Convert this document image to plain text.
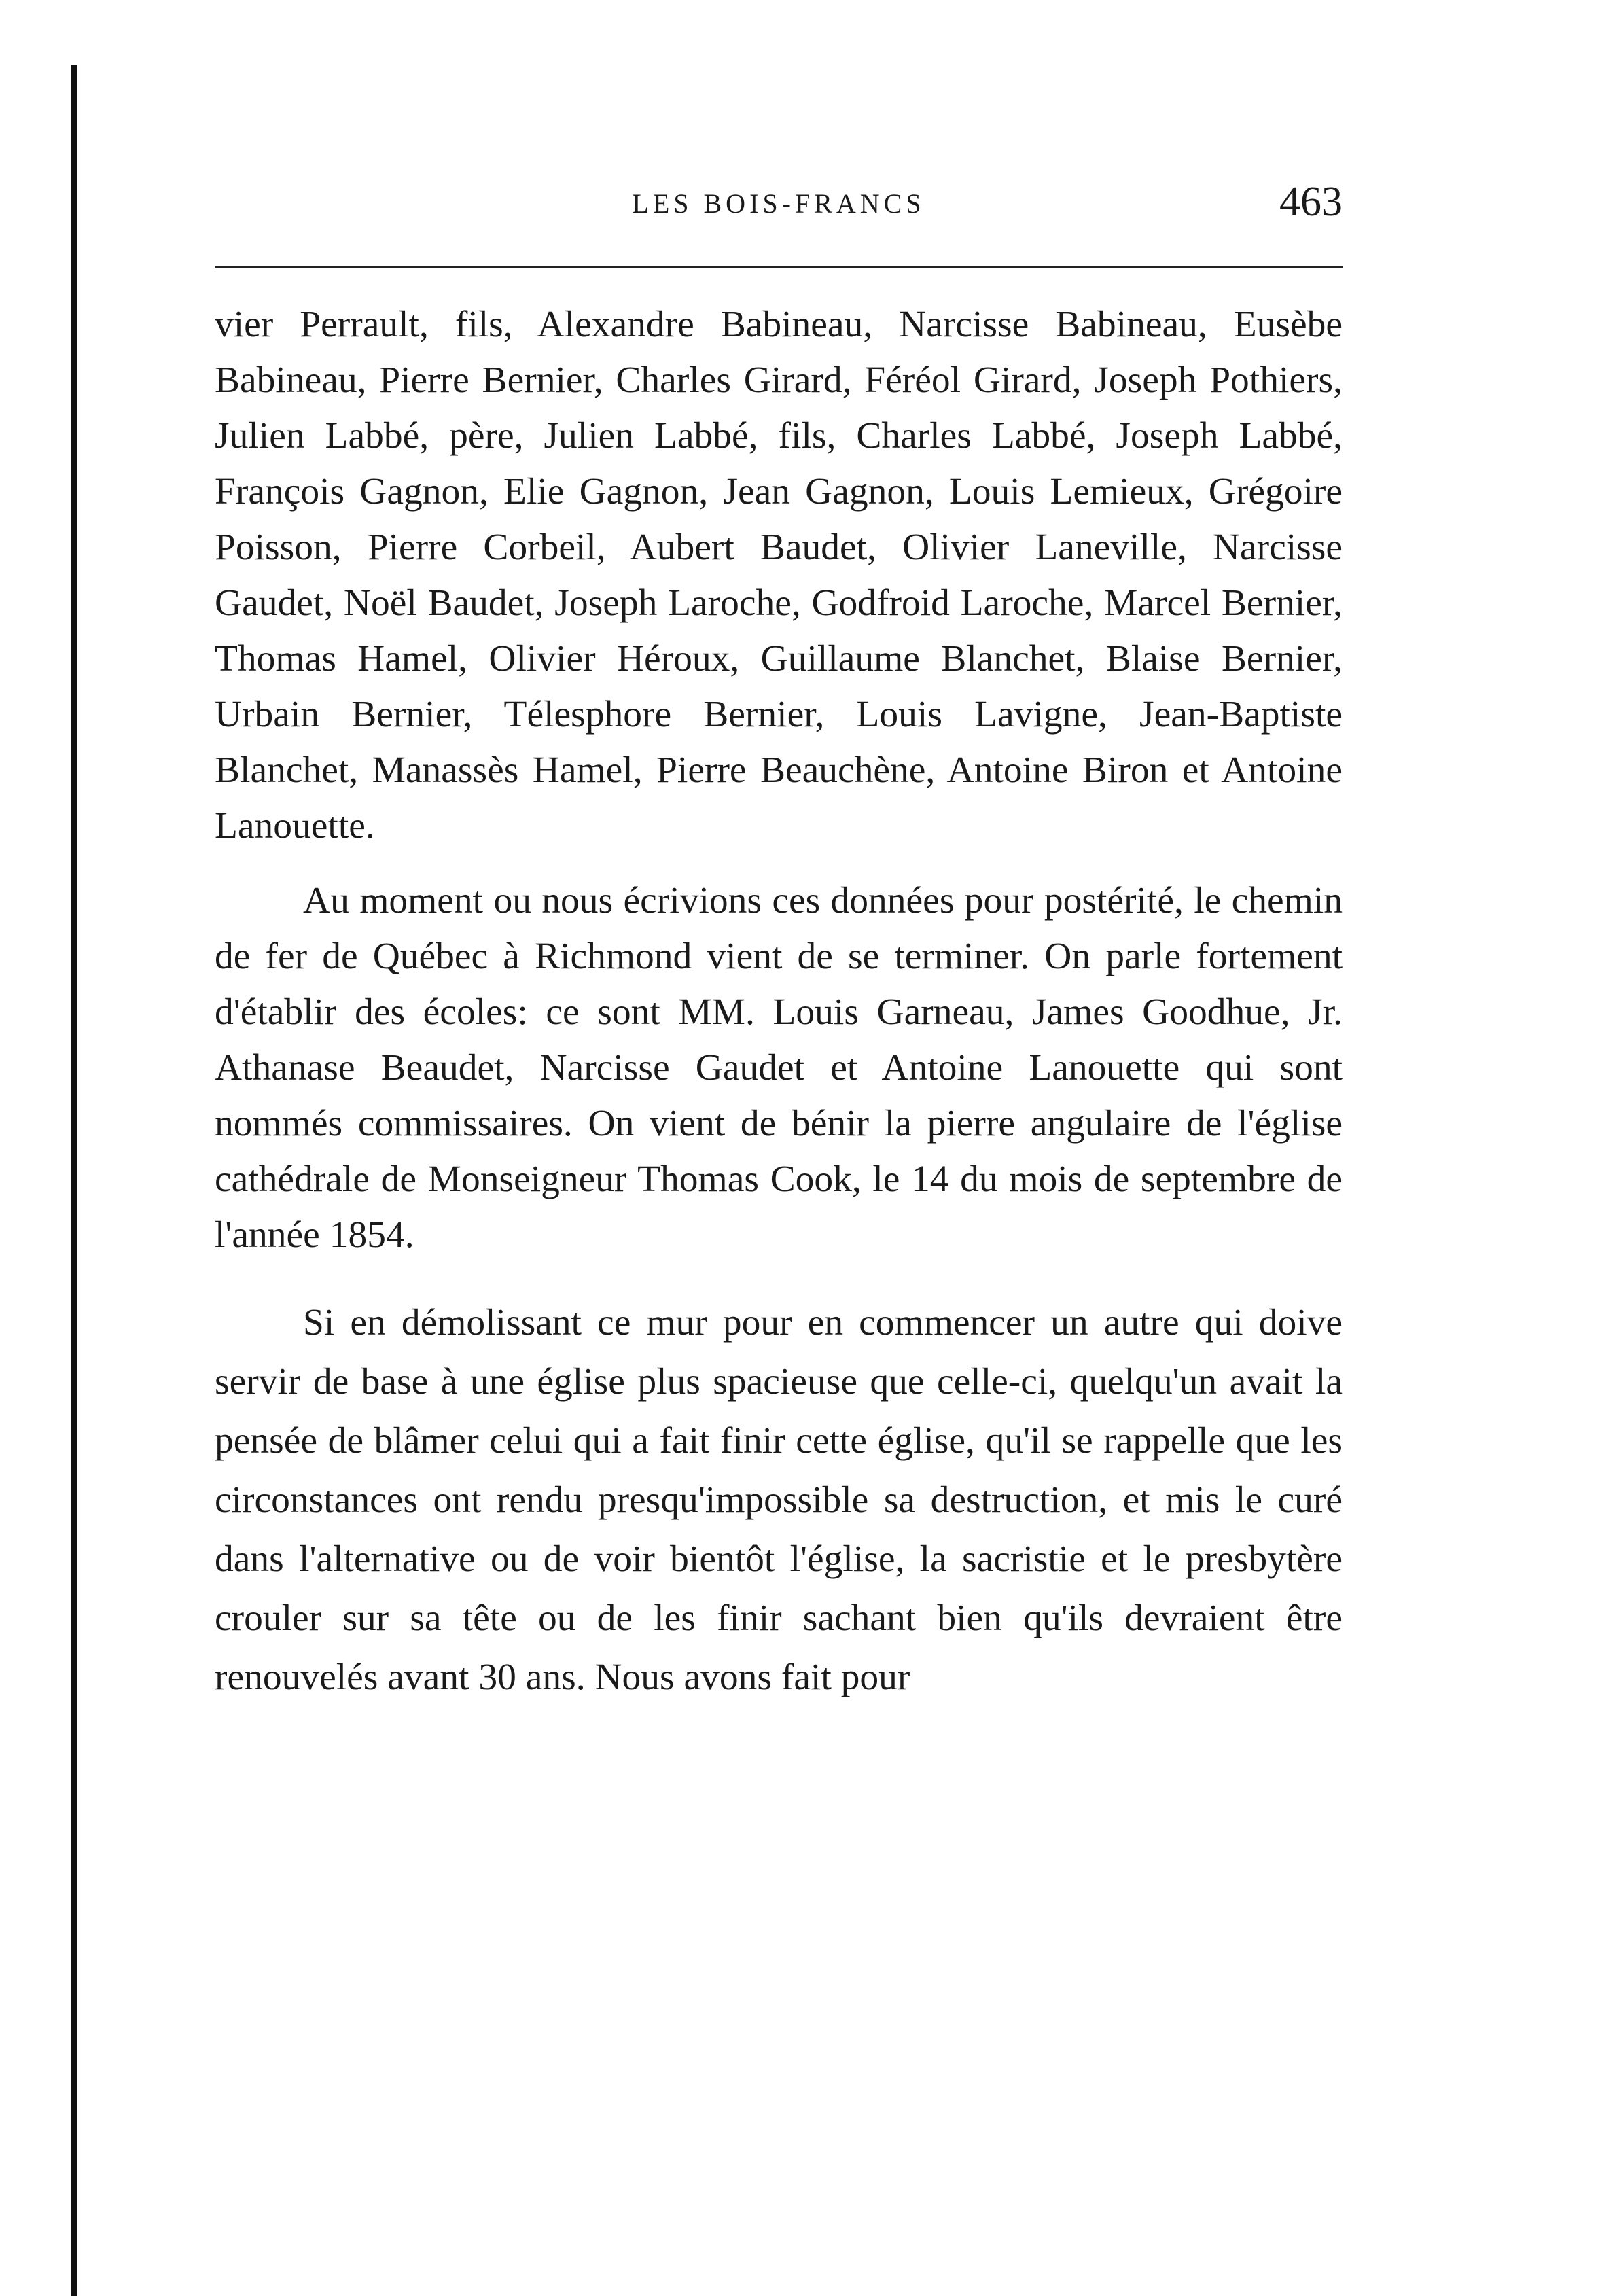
LES BOIS-FRANCS	463

vier Perrault, fils, Alexandre Babineau, Narcisse Babineau, Eusèbe Babineau, Pierre Bernier, Charles Girard, Féréol Girard, Joseph Pothiers, Julien Labbé, père, Julien Labbé, fils, Charles Labbé, Joseph Labbé, François Gagnon, Elie Gagnon, Jean Gagnon, Louis Lemieux, Grégoire Poisson, Pierre Corbeil, Aubert Baudet, Olivier Laneville, Narcisse Gaudet, Noël Baudet, Joseph Laroche, Godfroid Laroche, Marcel Bernier, Thomas Hamel, Olivier Héroux, Guillaume Blanchet, Blaise Bernier, Urbain Bernier, Télesphore Bernier, Louis Lavigne, Jean-Baptiste Blanchet, Manassès Hamel, Pierre Beauchène, Antoine Biron et Antoine Lanouette.

Au moment ou nous écrivions ces données pour postérité, le chemin de fer de Québec à Richmond vient de se terminer. On parle fortement d'établir des écoles: ce sont MM. Louis Garneau, James Goodhue, Jr. Athanase Beaudet, Narcisse Gaudet et Antoine Lanouette qui sont nommés commissaires. On vient de bénir la pierre angulaire de l'église cathédrale de Monseigneur Thomas Cook, le 14 du mois de septembre de l'année 1854.

Si en démolissant ce mur pour en commencer un autre qui doive servir de base à une église plus spacieuse que celle-ci, quelqu'un avait la pensée de blâmer celui qui a fait finir cette église, qu'il se rappelle que les circonstances ont rendu presqu'impossible sa destruction, et mis le curé dans l'alternative ou de voir bientôt l'église, la sacristie et le presbytère crouler sur sa tête ou de les finir sachant bien qu'ils devraient être renouvelés avant 30 ans. Nous avons fait pour
